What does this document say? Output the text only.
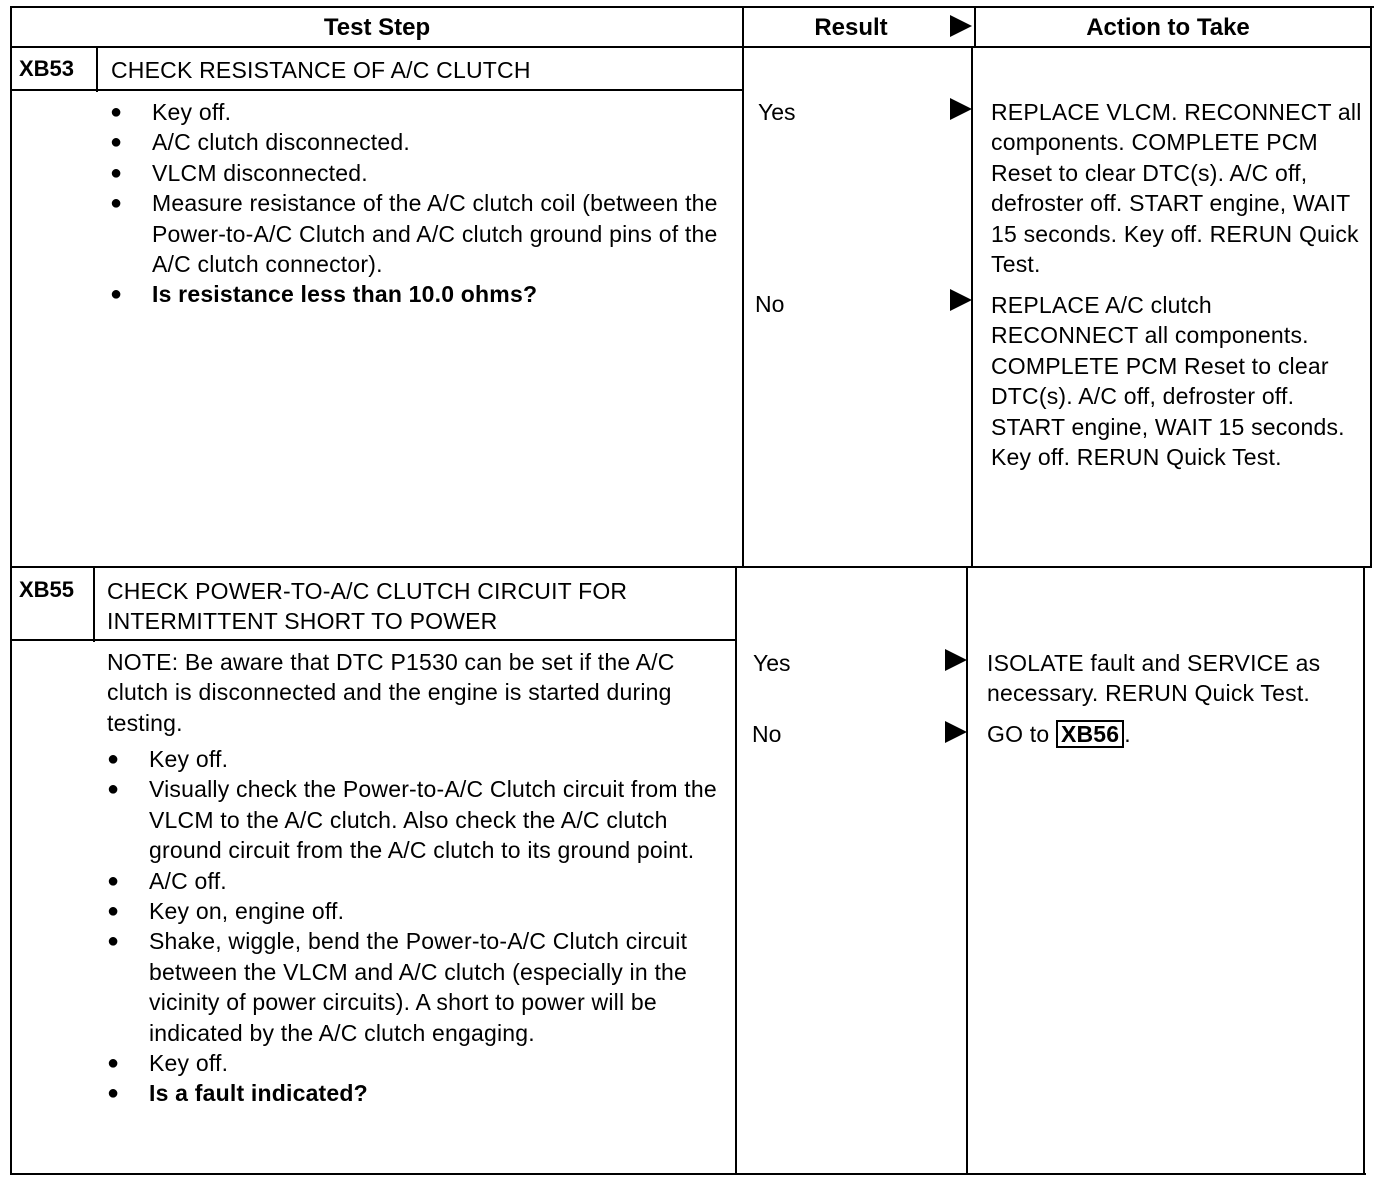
Test Step	Result	Action to Take
XB53 CHECK RESISTANCE OF A/C CLUTCH
● Key off.
● A/C clutch disconnected.
● VLCM disconnected.
● Measure resistance of the A/C clutch coil (between the Power-to-A/C Clutch and A/C clutch ground pins of the A/C clutch connector).
● Is resistance less than 10.0 ohms?
Yes	REPLACE VLCM. RECONNECT all components. COMPLETE PCM Reset to clear DTC(s). A/C off, defroster off. START engine, WAIT 15 seconds. Key off. RERUN Quick Test.
No	REPLACE A/C clutch RECONNECT all components. COMPLETE PCM Reset to clear DTC(s). A/C off, defroster off. START engine, WAIT 15 seconds. Key off. RERUN Quick Test.
XB55 CHECK POWER-TO-A/C CLUTCH CIRCUIT FOR INTERMITTENT SHORT TO POWER
NOTE: Be aware that DTC P1530 can be set if the A/C clutch is disconnected and the engine is started during testing.
● Key off.
● Visually check the Power-to-A/C Clutch circuit from the VLCM to the A/C clutch. Also check the A/C clutch ground circuit from the A/C clutch to its ground point.
● A/C off.
● Key on, engine off.
● Shake, wiggle, bend the Power-to-A/C Clutch circuit between the VLCM and A/C clutch (especially in the vicinity of power circuits). A short to power will be indicated by the A/C clutch engaging.
● Key off.
● Is a fault indicated?
Yes	ISOLATE fault and SERVICE as necessary. RERUN Quick Test.
No	GO to XB56 .
